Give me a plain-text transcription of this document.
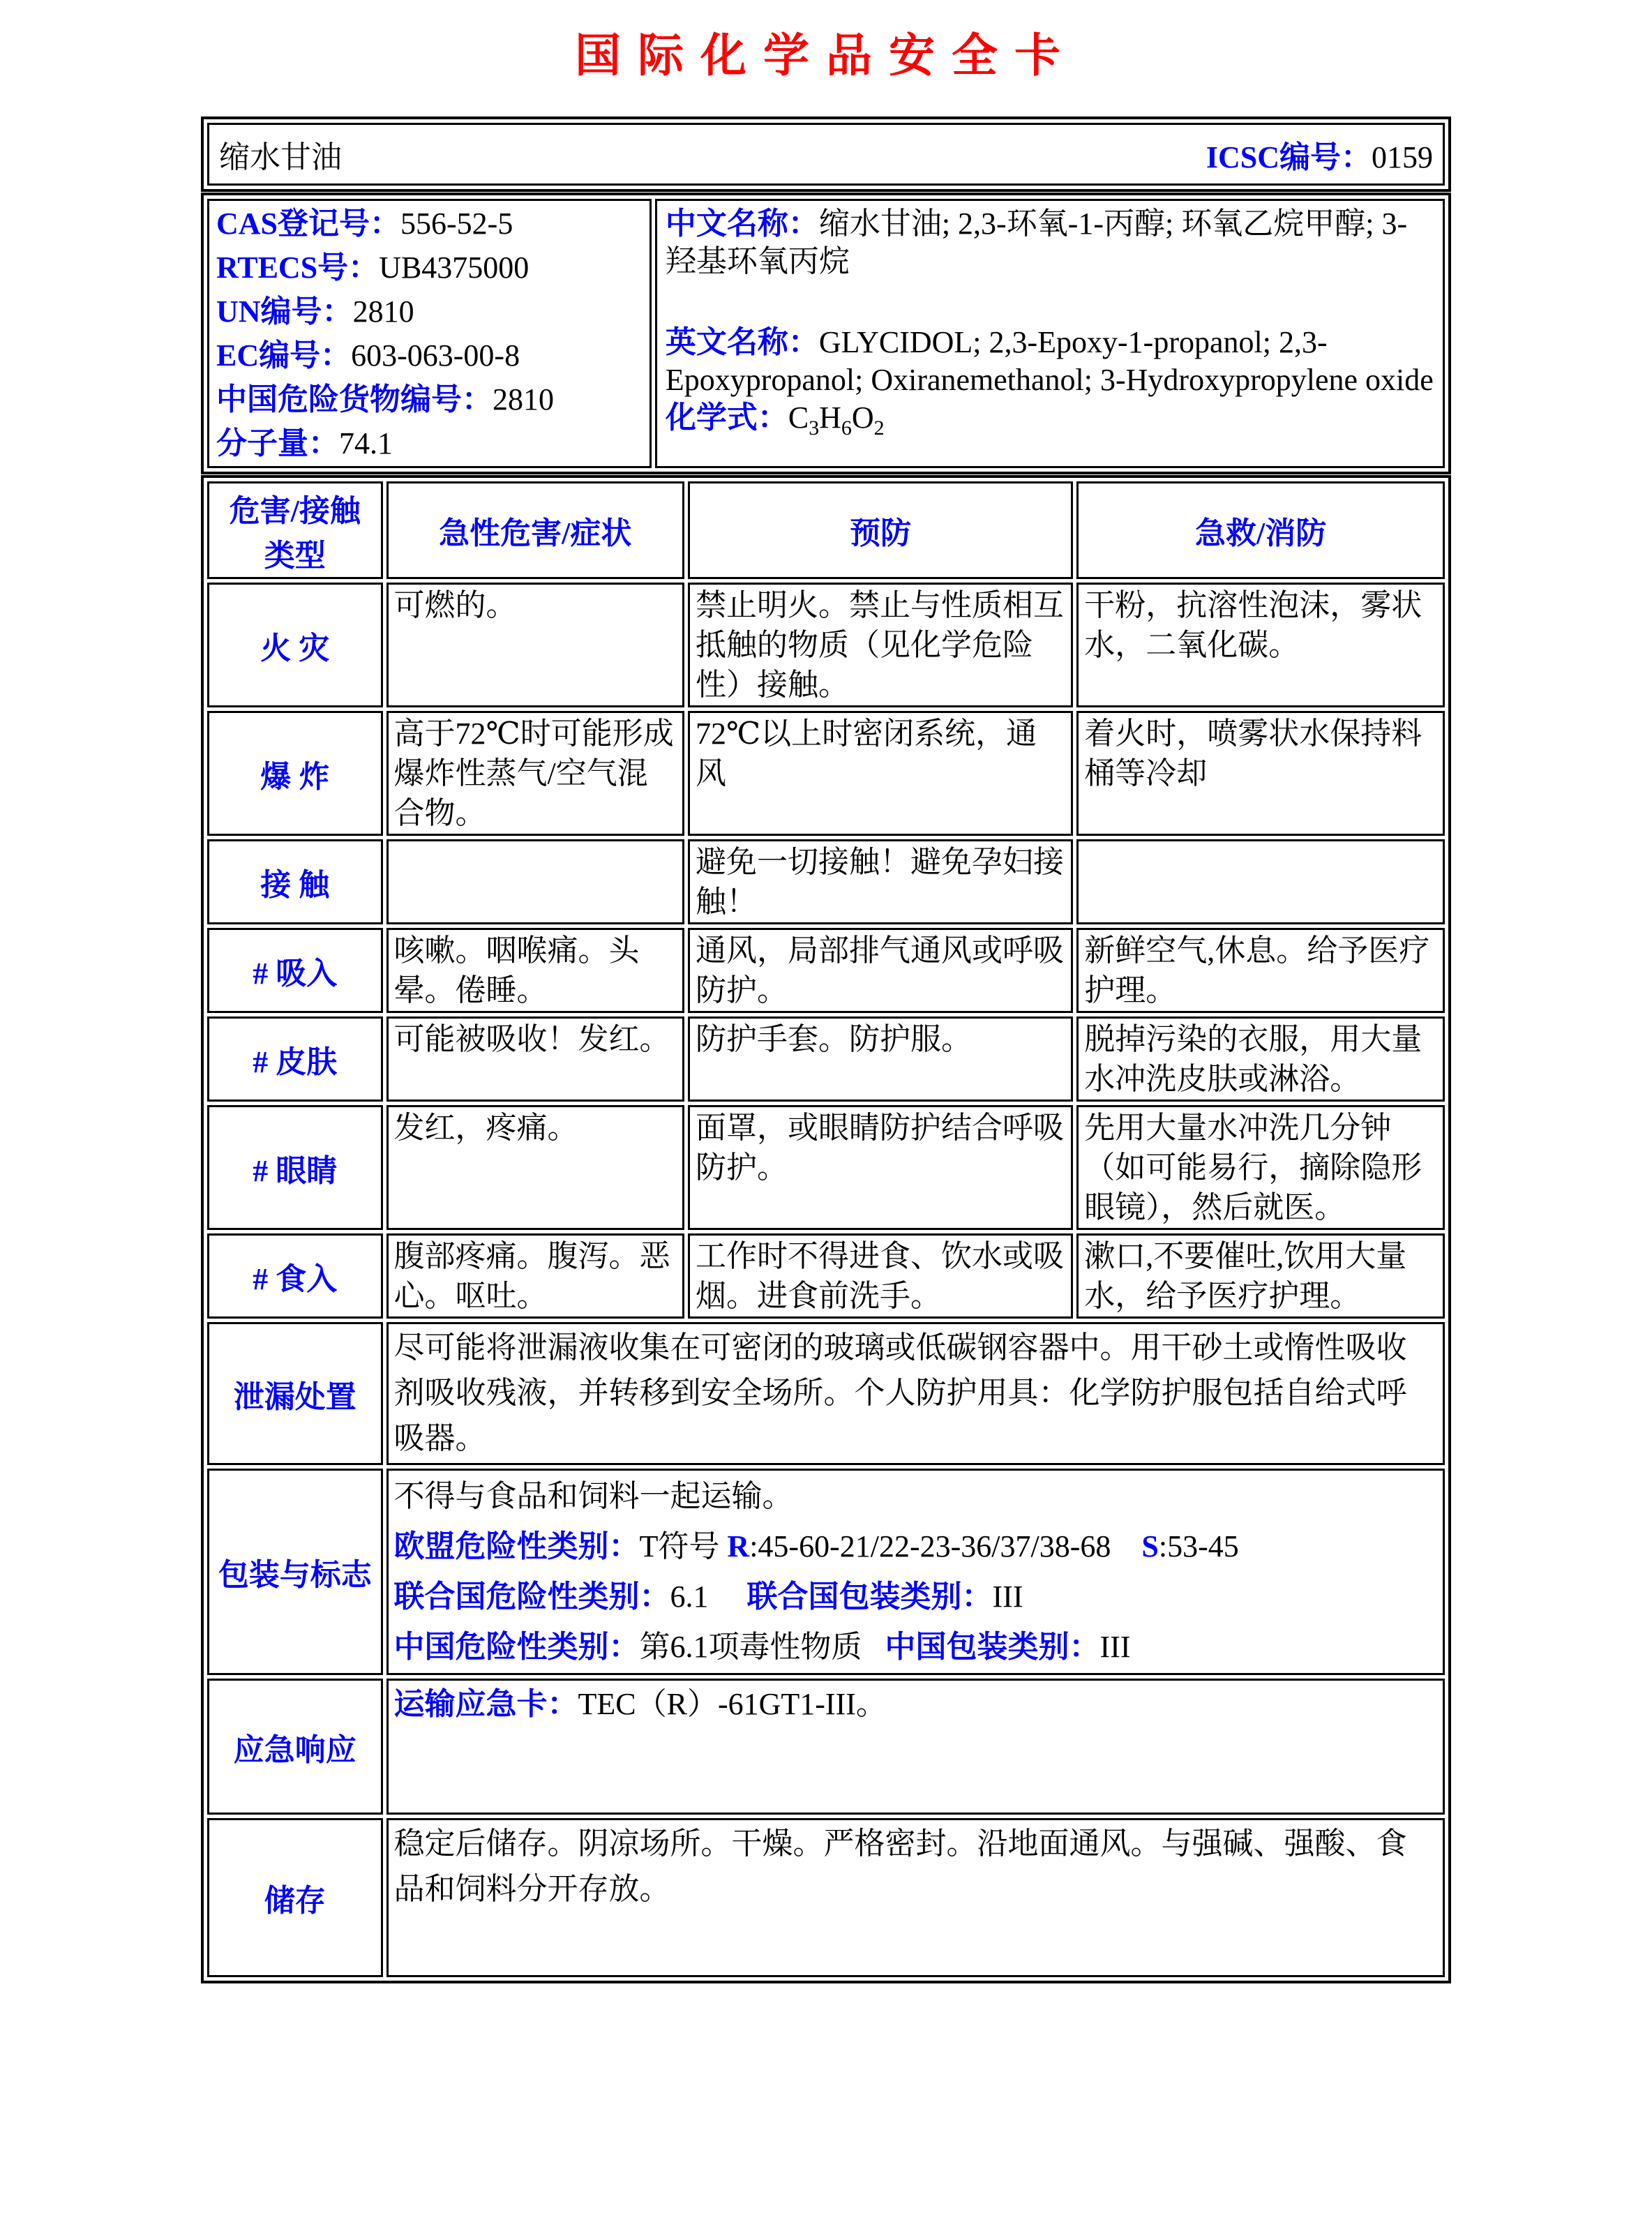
国际化学品安全卡
缩水甘油	ICSC编号：0159
CAS登记号：556-52-5
RTECS号：UB4375000
UN编号：2810
EC编号：603-063-00-8
中国危险货物编号：2810
分子量：74.1

中文名称：缩水甘油; 2,3-环氧-1-丙醇; 环氧乙烷甲醇; 3-羟基环氧丙烷

英文名称：GLYCIDOL; 2,3-Epoxy-1-propanol; 2,3-Epoxypropanol; Oxiranemethanol; 3-Hydroxypropylene oxide

化学式：$C_3H_6O_2$

危害/接触类型	急性危害/症状	预防	急救/消防
火 灾	可燃的。	禁止明火。禁止与性质相互抵触的物质（见化学危险性）接触。	干粉，抗溶性泡沫，雾状水，二氧化碳。
爆 炸	高于72℃时可能形成爆炸性蒸气/空气混合物。	72℃以上时密闭系统，通风	着火时，喷雾状水保持料桶等冷却
接 触		避免一切接触！避免孕妇接触！	
# 吸入	咳嗽。咽喉痛。头晕。倦睡。	通风，局部排气通风或呼吸防护。	新鲜空气,休息。给予医疗护理。
# 皮肤	可能被吸收！发红。	防护手套。防护服。	脱掉污染的衣服，用大量水冲洗皮肤或淋浴。
# 眼睛	发红，疼痛。	面罩，或眼睛防护结合呼吸防护。	先用大量水冲洗几分钟（如可能易行，摘除隐形眼镜），然后就医。
# 食入	腹部疼痛。腹泻。恶心。呕吐。	工作时不得进食、饮水或吸烟。进食前洗手。	漱口,不要催吐,饮用大量水，给予医疗护理。
泄漏处置	尽可能将泄漏液收集在可密闭的玻璃或低碳钢容器中。用干砂土或惰性吸收剂吸收残液，并转移到安全场所。个人防护用具：化学防护服包括自给式呼吸器。		

包装与标志	不得与食品和饲料一起运输。
欧盟危险性类别：T符号 R:45-60-21/22-23-36/37/38-68    S:53-45
联合国危险性类别：6.1     联合国包装类别：III
中国危险性类别：第6.1项毒性物质   中国包装类别：III		

应急响应	运输应急卡：TEC（R）-61GT1-III。		

储存	稳定后储存。阴凉场所。干燥。严格密封。沿地面通风。与强碱、强酸、食品和饲料分开存放。		
